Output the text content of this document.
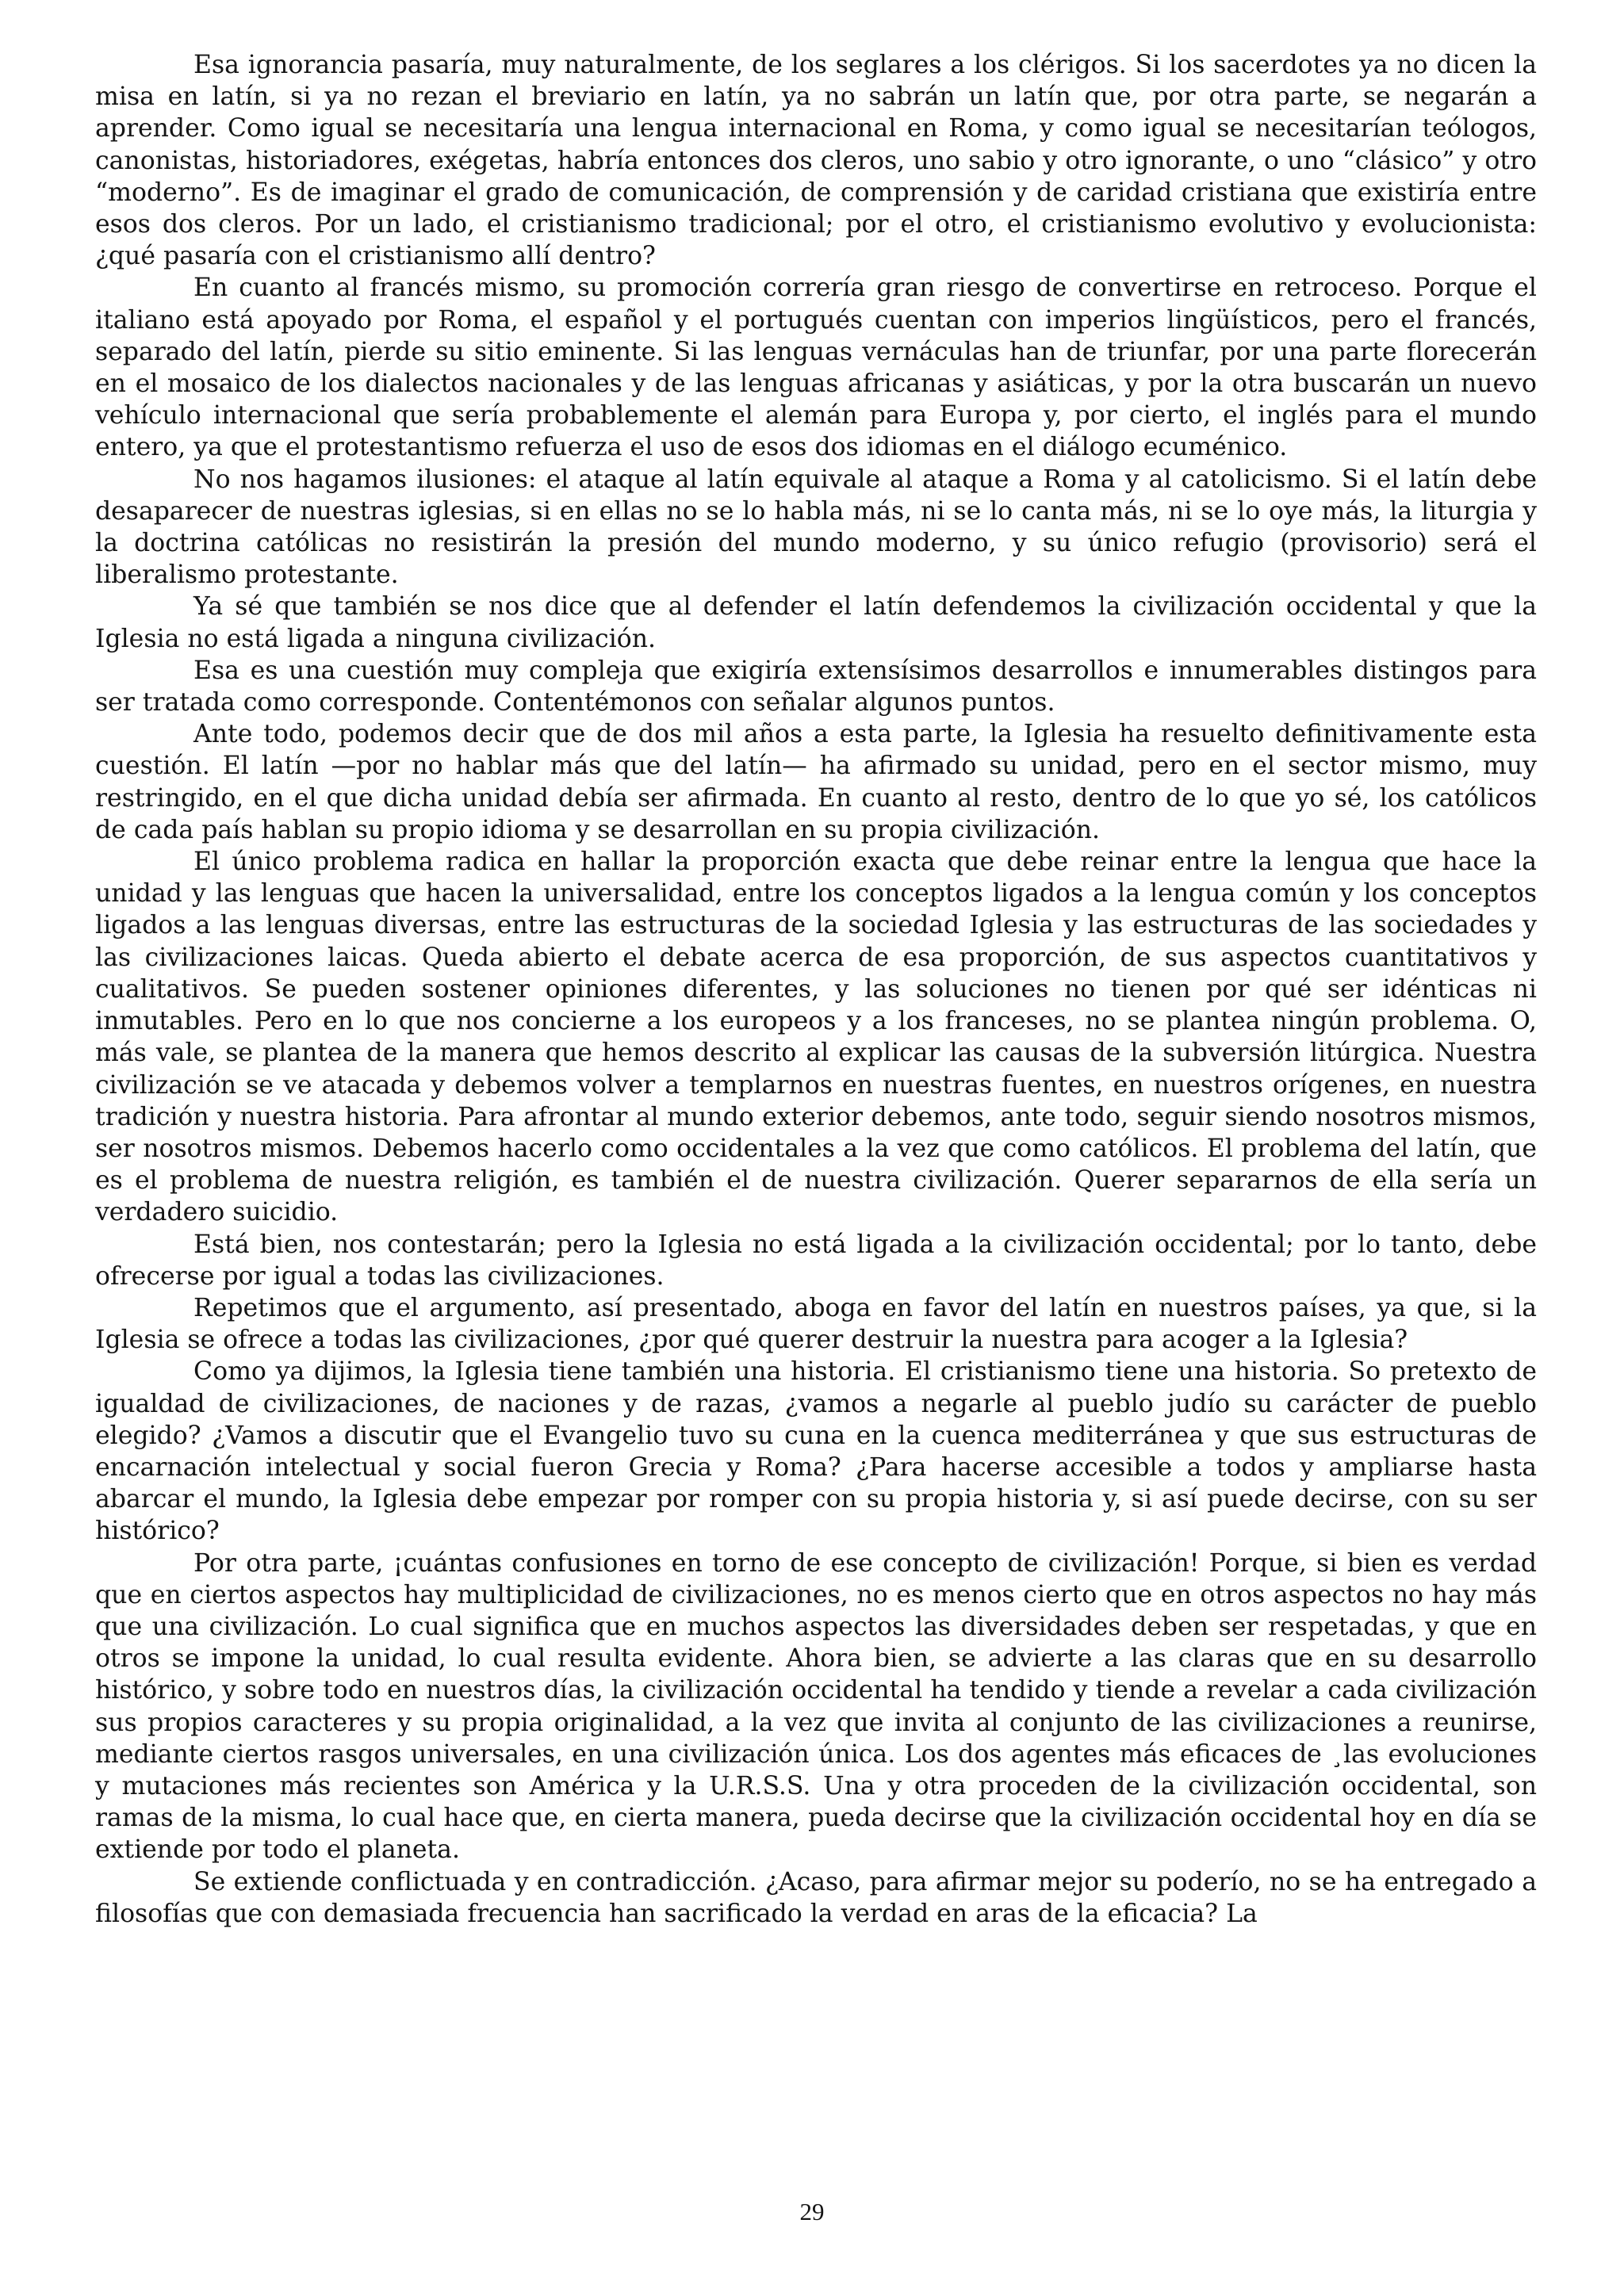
Esa ignorancia pasaría, muy naturalmente, de los seglares a los clérigos. Si los sacerdotes ya no dicen la misa en latín, si ya no rezan el breviario en latín, ya no sabrán un latín que, por otra parte, se negarán a aprender. Como igual se necesitaría una lengua internacional en Roma, y como igual se necesitarían teólogos, canonistas, historiadores, exégetas, habría entonces dos cleros, uno sabio y otro ignorante, o uno “clásico” y otro “moderno”. Es de imaginar el grado de comunicación, de comprensión y de caridad cristiana que existiría entre esos dos cleros. Por un lado, el cristianismo tradicional; por el otro, el cristianismo evolutivo y evolucionista: ¿qué pasaría con el cristianismo allí dentro?

En cuanto al francés mismo, su promoción correría gran riesgo de convertirse en retroceso. Porque el italiano está apoyado por Roma, el español y el portugués cuentan con imperios lingüísticos, pero el francés, separado del latín, pierde su sitio eminente. Si las lenguas vernáculas han de triunfar, por una parte florecerán en el mosaico de los dialectos nacionales y de las lenguas africanas y asiáticas, y por la otra buscarán un nuevo vehículo internacional que sería probablemente el alemán para Europa y, por cierto, el inglés para el mundo entero, ya que el protestantismo refuerza el uso de esos dos idiomas en el diálogo ecuménico.

No nos hagamos ilusiones: el ataque al latín equivale al ataque a Roma y al catolicismo. Si el latín debe desaparecer de nuestras iglesias, si en ellas no se lo habla más, ni se lo canta más, ni se lo oye más, la liturgia y la doctrina católicas no resistirán la presión del mundo moderno, y su único refugio (provisorio) será el liberalismo protestante.

Ya sé que también se nos dice que al defender el latín defendemos la civilización occidental y que la Iglesia no está ligada a ninguna civilización.

Esa es una cuestión muy compleja que exigiría extensísimos desarrollos e innumerables distingos para ser tratada como corresponde. Contentémonos con señalar algunos puntos.

Ante todo, podemos decir que de dos mil años a esta parte, la Iglesia ha resuelto definitivamente esta cuestión. El latín —por no hablar más que del latín— ha afirmado su unidad, pero en el sector mismo, muy restringido, en el que dicha unidad debía ser afirmada. En cuanto al resto, dentro de lo que yo sé, los católicos de cada país hablan su propio idioma y se desarrollan en su propia civilización.

El único problema radica en hallar la proporción exacta que debe reinar entre la lengua que hace la unidad y las lenguas que hacen la universalidad, entre los conceptos ligados a la lengua común y los conceptos ligados a las lenguas diversas, entre las estructuras de la sociedad Iglesia y las estructuras de las sociedades y las civilizaciones laicas. Queda abierto el debate acerca de esa proporción, de sus aspectos cuantitativos y cualitativos. Se pueden sostener opiniones diferentes, y las soluciones no tienen por qué ser idénticas ni inmutables. Pero en lo que nos concierne a los europeos y a los franceses, no se plantea ningún problema. O, más vale, se plantea de la manera que hemos descrito al explicar las causas de la subversión litúrgica. Nuestra civilización se ve atacada y debemos volver a templarnos en nuestras fuentes, en nuestros orígenes, en nuestra tradición y nuestra historia. Para afrontar al mundo exterior debemos, ante todo, seguir siendo nosotros mismos, ser nosotros mismos. Debemos hacerlo como occidentales a la vez que como católicos. El problema del latín, que es el problema de nuestra religión, es también el de nuestra civilización. Querer separarnos de ella sería un verdadero suicidio.

Está bien, nos contestarán; pero la Iglesia no está ligada a la civilización occidental; por lo tanto, debe ofrecerse por igual a todas las civilizaciones.

Repetimos que el argumento, así presentado, aboga en favor del latín en nuestros países, ya que, si la Iglesia se ofrece a todas las civilizaciones, ¿por qué querer destruir la nuestra para acoger a la Iglesia?

Como ya dijimos, la Iglesia tiene también una historia. El cristianismo tiene una historia. So pretexto de igualdad de civilizaciones, de naciones y de razas, ¿vamos a negarle al pueblo judío su carácter de pueblo elegido? ¿Vamos a discutir que el Evangelio tuvo su cuna en la cuenca mediterránea y que sus estructuras de encarnación intelectual y social fueron Grecia y Roma? ¿Para hacerse accesible a todos y ampliarse hasta abarcar el mundo, la Iglesia debe empezar por romper con su propia historia y, si así puede decirse, con su ser histórico?

Por otra parte, ¡cuántas confusiones en torno de ese concepto de civilización! Porque, si bien es verdad que en ciertos aspectos hay multiplicidad de civilizaciones, no es menos cierto que en otros aspectos no hay más que una civilización. Lo cual significa que en muchos aspectos las diversidades deben ser respetadas, y que en otros se impone la unidad, lo cual resulta evidente. Ahora bien, se advierte a las claras que en su desarrollo histórico, y sobre todo en nuestros días, la civilización occidental ha tendido y tiende a revelar a cada civilización sus propios caracteres y su propia originalidad, a la vez que invita al conjunto de las civilizaciones a reunirse, mediante ciertos rasgos universales, en una civilización única. Los dos agentes más eficaces de ¸las evoluciones y mutaciones más recientes son América y la U.R.S.S. Una y otra proceden de la civilización occidental, son ramas de la misma, lo cual hace que, en cierta manera, pueda decirse que la civilización occidental hoy en día se extiende por todo el planeta.

Se extiende conflictuada y en contradicción. ¿Acaso, para afirmar mejor su poderío, no se ha entregado a filosofías que con demasiada frecuencia han sacrificado la verdad en aras de la eficacia? La

29
